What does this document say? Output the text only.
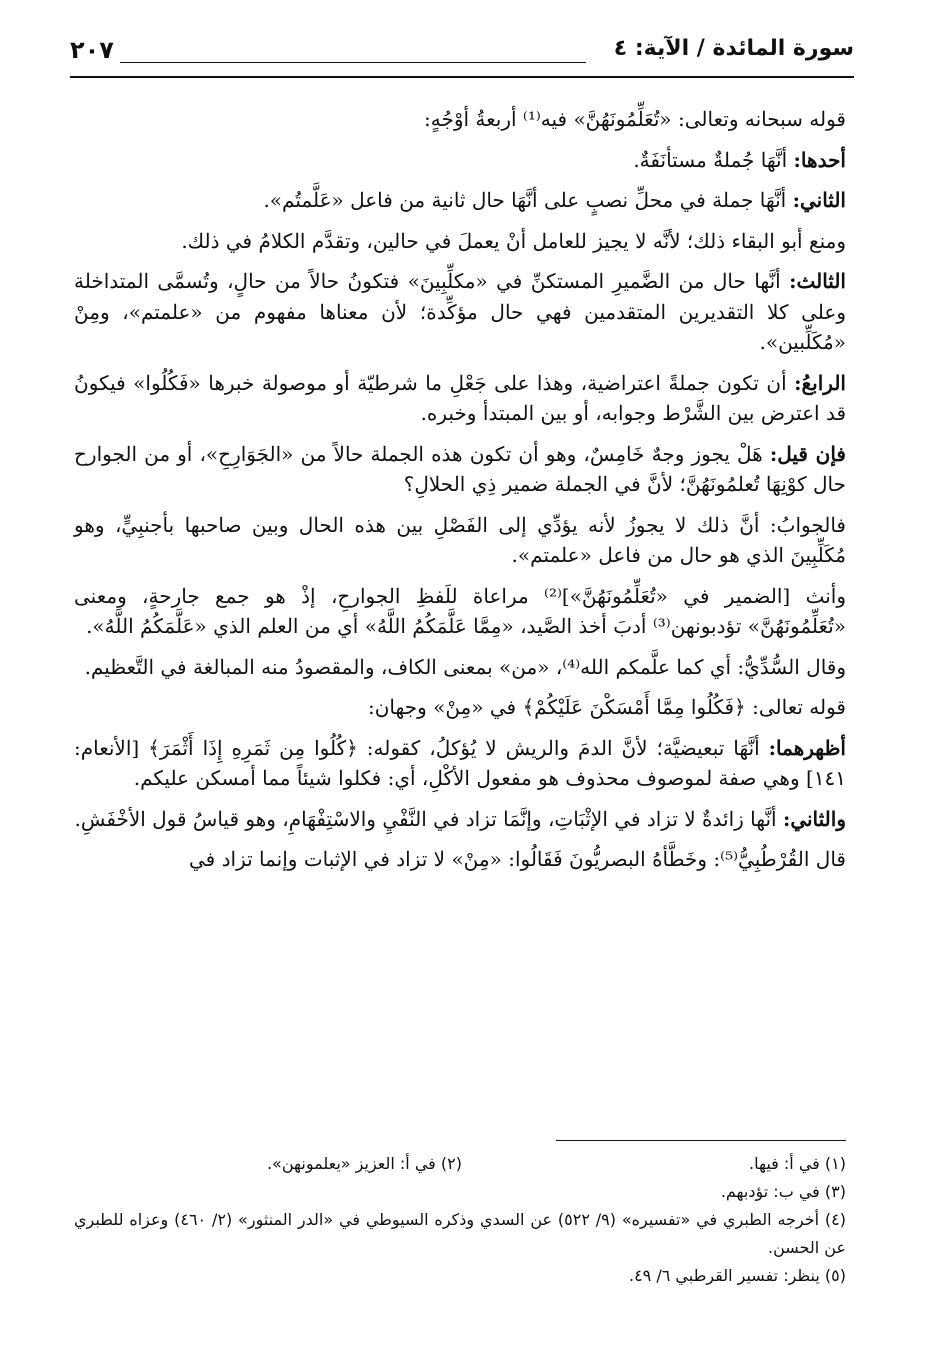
سورة المائدة / الآية: ٤
٢٠٧

قوله سبحانه وتعالى: «تُعَلِّمُونَهُنَّ» فيه⁽¹⁾ أربعةُ أوْجُهٍ:

أحدها: أنَّهَا جُملةٌ مستأنَفَةٌ.

الثاني: أنَّهَا جملة في محلِّ نصبٍ على أنَّهَا حال ثانية من فاعل «عَلَّمتُم».

ومنع أبو البقاء ذلك؛ لأنَّه لا يجيز للعامل أنْ يعملَ في حالين، وتقدَّم الكلامُ في ذلك.

الثالث: أنَّها حال من الضَّميرِ المستكنِّ في «مكلِّبِينَ» فتكونُ حالاً من حالٍ، وتُسمَّى المتداخلة وعلى كلا التقديرين المتقدمين فهي حال مؤكِّدة؛ لأن معناها مفهوم من «علمتم»، ومِنْ «مُكَلِّبين».

الرابعُ: أن تكون جملةً اعتراضية، وهذا على جَعْلِ ما شرطيّة أو موصولة خبرها «فَكُلُوا» فيكونُ قد اعترض بين الشَّرْط وجوابه، أو بين المبتدأ وخبره.

فإن قيل: هَلْ يجوز وجهٌ خَامِسٌ، وهو أن تكون هذه الجملة حالاً من «الجَوَارِحِ»، أو من الجوارح حال كوْنِهَا تُعلمُونَهُنَّ؛ لأنَّ في الجملة ضمير ذِي الحلالِ؟

فالجوابُ: أنَّ ذلك لا يجوزُ لأنه يؤدِّي إلى الفَصْلِ بين هذه الحال وبين صاحبها بأجنبِيٍّ، وهو مُكَلِّبِينَ الذي هو حال من فاعل «علمتم».

وأنث [الضمير في «تُعَلِّمُونَهُنَّ»]⁽²⁾ مراعاة للَفظِ الجوارحِ، إذْ هو جمع جارحةٍ، ومعنى «تُعَلِّمُونَهُنَّ» تؤدبونهن⁽³⁾ أدبَ أخذ الصَّيد، «مِمَّا عَلَّمَكُمُ اللَّهُ» أي من العلم الذي «عَلَّمَكُمُ اللَّهُ».

وقال السُّدِّيُّ: أي كما علَّمكم الله⁽⁴⁾، «من» بمعنى الكاف، والمقصودُ منه المبالغة في التَّعظيم.

قوله تعالى: ﴿فَكُلُوا مِمَّا أَمْسَكْنَ عَلَيْكُمْ﴾ في «مِنْ» وجهان:

أظهرهما: أنَّهَا تبعيضيَّة؛ لأنَّ الدمَ والريش لا يُؤكلُ، كقوله: ﴿كُلُوا مِن ثَمَرِهِ إِذَا أَثْمَرَ﴾ [الأنعام: ١٤١] وهي صفة لموصوف محذوف هو مفعول الأكْلِ، أي: فكلوا شيئاً مما أمسكن عليكم.

والثاني: أنَّها زائدةٌ لا تزاد في الإثْبَاتِ، وإنَّمَا تزاد في النَّفْيِ والاسْتِفْهَامِ، وهو قياسُ قول الأخْفَشِ.

قال القُرْطُبِيُّ⁽⁵⁾: وخَطَّأهُ البصريُّونَ فَقَالُوا: «مِنْ» لا تزاد في الإثبات وإنما تزاد في

(١) في أ: فيها.
(٢) في أ: العزيز «يعلمونهن».
(٣) في ب: تؤدبهم.
(٤) أخرجه الطبري في «تفسيره» (٩/ ٥٢٢) عن السدي وذكره السيوطي في «الدر المنثور» (٢/ ٤٦٠) وعزاه للطبري عن الحسن.
(٥) ينظر: تفسير القرطبي ٦/ ٤٩.
